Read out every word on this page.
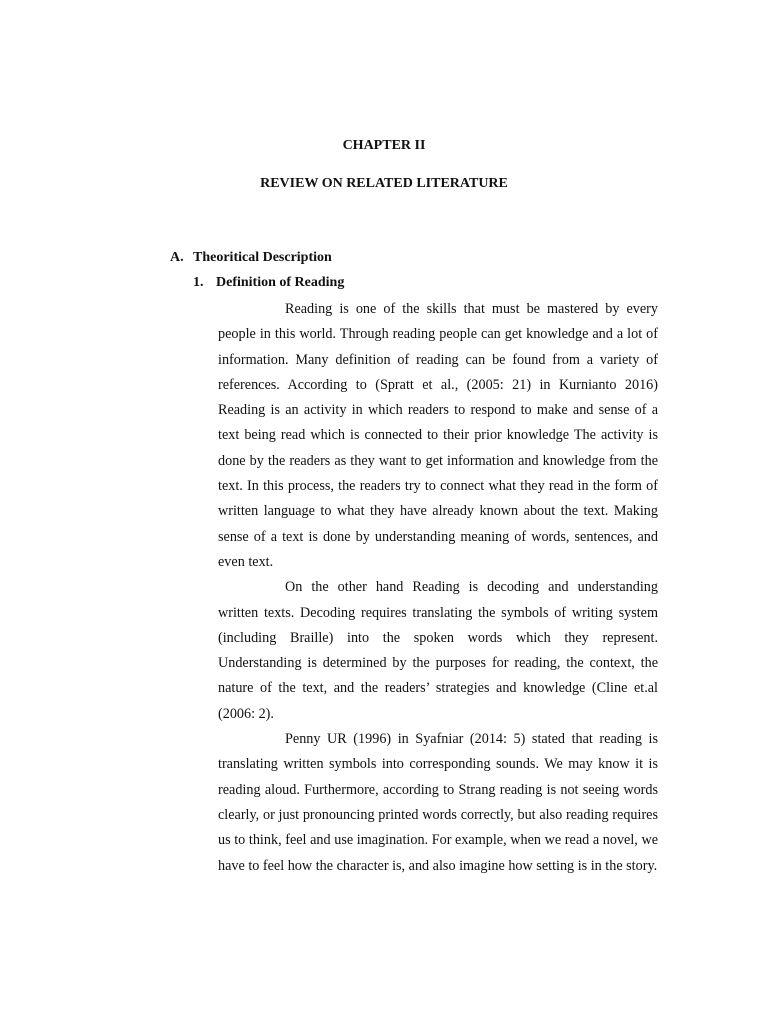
CHAPTER II
REVIEW ON RELATED LITERATURE
A. Theoritical Description
1. Definition of Reading

Reading is one of the skills that must be mastered by every people in this world. Through reading people can get knowledge and a lot of information. Many definition of reading can be found from a variety of references. According to (Spratt et al., (2005: 21) in Kurnianto 2016) Reading is an activity in which readers to respond to make and sense of a text being read which is connected to their prior knowledge The activity is done by the readers as they want to get information and knowledge from the text. In this process, the readers try to connect what they read in the form of written language to what they have already known about the text. Making sense of a text is done by understanding meaning of words, sentences, and even text.

On the other hand Reading is decoding and understanding written texts. Decoding requires translating the symbols of writing system (including Braille) into the spoken words which they represent. Understanding is determined by the purposes for reading, the context, the nature of the text, and the readers’ strategies and knowledge (Cline et.al (2006: 2).

Penny UR (1996) in Syafniar (2014: 5) stated that reading is translating written symbols into corresponding sounds. We may know it is reading aloud. Furthermore, according to Strang reading is not seeing words clearly, or just pronouncing printed words correctly, but also reading requires us to think, feel and use imagination. For example, when we read a novel, we have to feel how the character is, and also imagine how setting is in the story.
